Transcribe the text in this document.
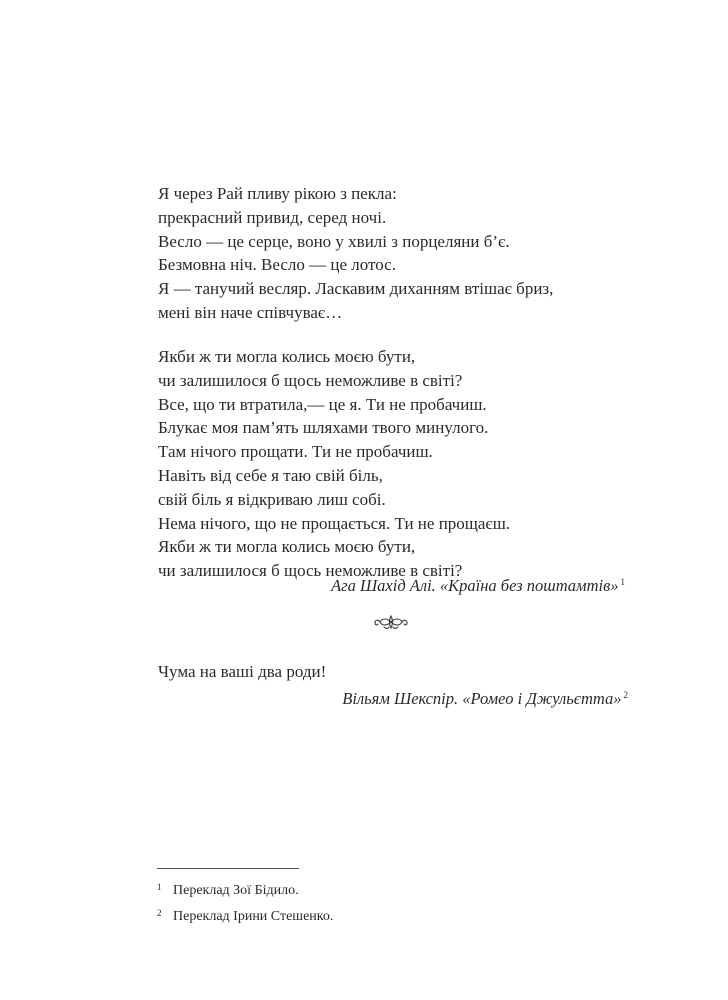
Я через Рай пливу рікою з пекла:
прекрасний привид, серед ночі.
Весло — це серце, воно у хвилі з порцеляни б’є.
Безмовна ніч. Весло — це лотос.
Я — танучий весляр. Ласкавим диханням втішає бриз,
мені він наче співчуває…
Якби ж ти могла колись моєю бути,
чи залишилося б щось неможливе в світі?
Все, що ти втратила,— це я. Ти не пробачиш.
Блукає моя пам’ять шляхами твого минулого.
Там нічого прощати. Ти не пробачиш.
Навіть від себе я таю свій біль,
свій біль я відкриваю лиш собі.
Нема нічого, що не прощається. Ти не прощаєш.
Якби ж ти могла колись моєю бути,
чи залишилося б щось неможливе в світі?
Ага Шахід Алі. «Країна без поштамтів» $^1$
Чума на ваші два роди!
Вільям Шекспір. «Ромео і Джульєтта» $^2$
1 Переклад Зої Бідило.
2 Переклад Ірини Стешенко.
